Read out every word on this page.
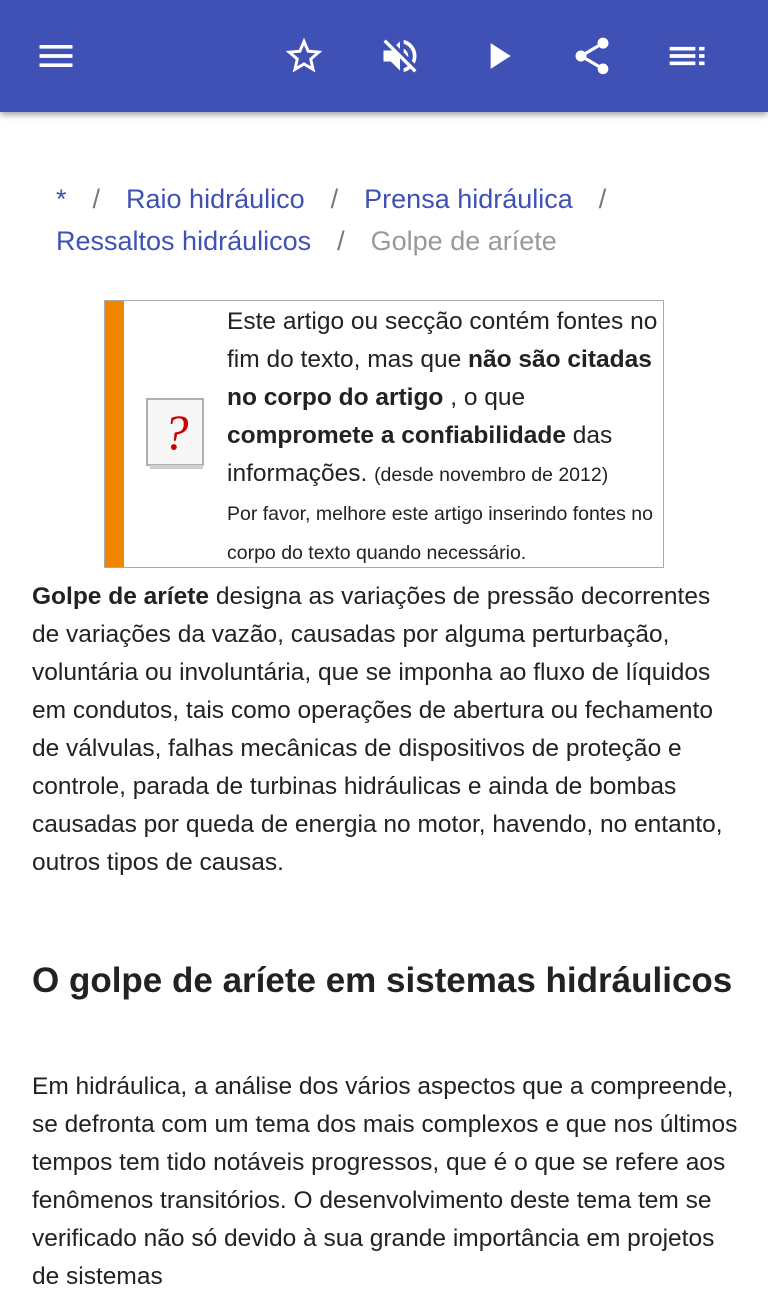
* / Raio hidráulico / Prensa hidráulica /
Ressaltos hidráulicos / Golpe de aríete
?
Este artigo ou secção contém fontes no fim do texto, mas que não são citadas no corpo do artigo , o que compromete a confiabilidade das informações. (desde novembro de 2012)
Por favor, melhore este artigo inserindo fontes no corpo do texto quando necessário.
Golpe de aríete designa as variações de pressão decorrentes de variações da vazão, causadas por alguma perturbação, voluntária ou involuntária, que se imponha ao fluxo de líquidos em condutos, tais como operações de abertura ou fechamento de válvulas, falhas mecânicas de dispositivos de proteção e controle, parada de turbinas hidráulicas e ainda de bombas causadas por queda de energia no motor, havendo, no entanto, outros tipos de causas.
O golpe de aríete em sistemas hidráulicos
Em hidráulica, a análise dos vários aspectos que a compreende, se defronta com um tema dos mais complexos e que nos últimos tempos tem tido notáveis progressos, que é o que se refere aos fenômenos transitórios. O desenvolvimento deste tema tem se verificado não só devido à sua grande importância em projetos de sistemas
